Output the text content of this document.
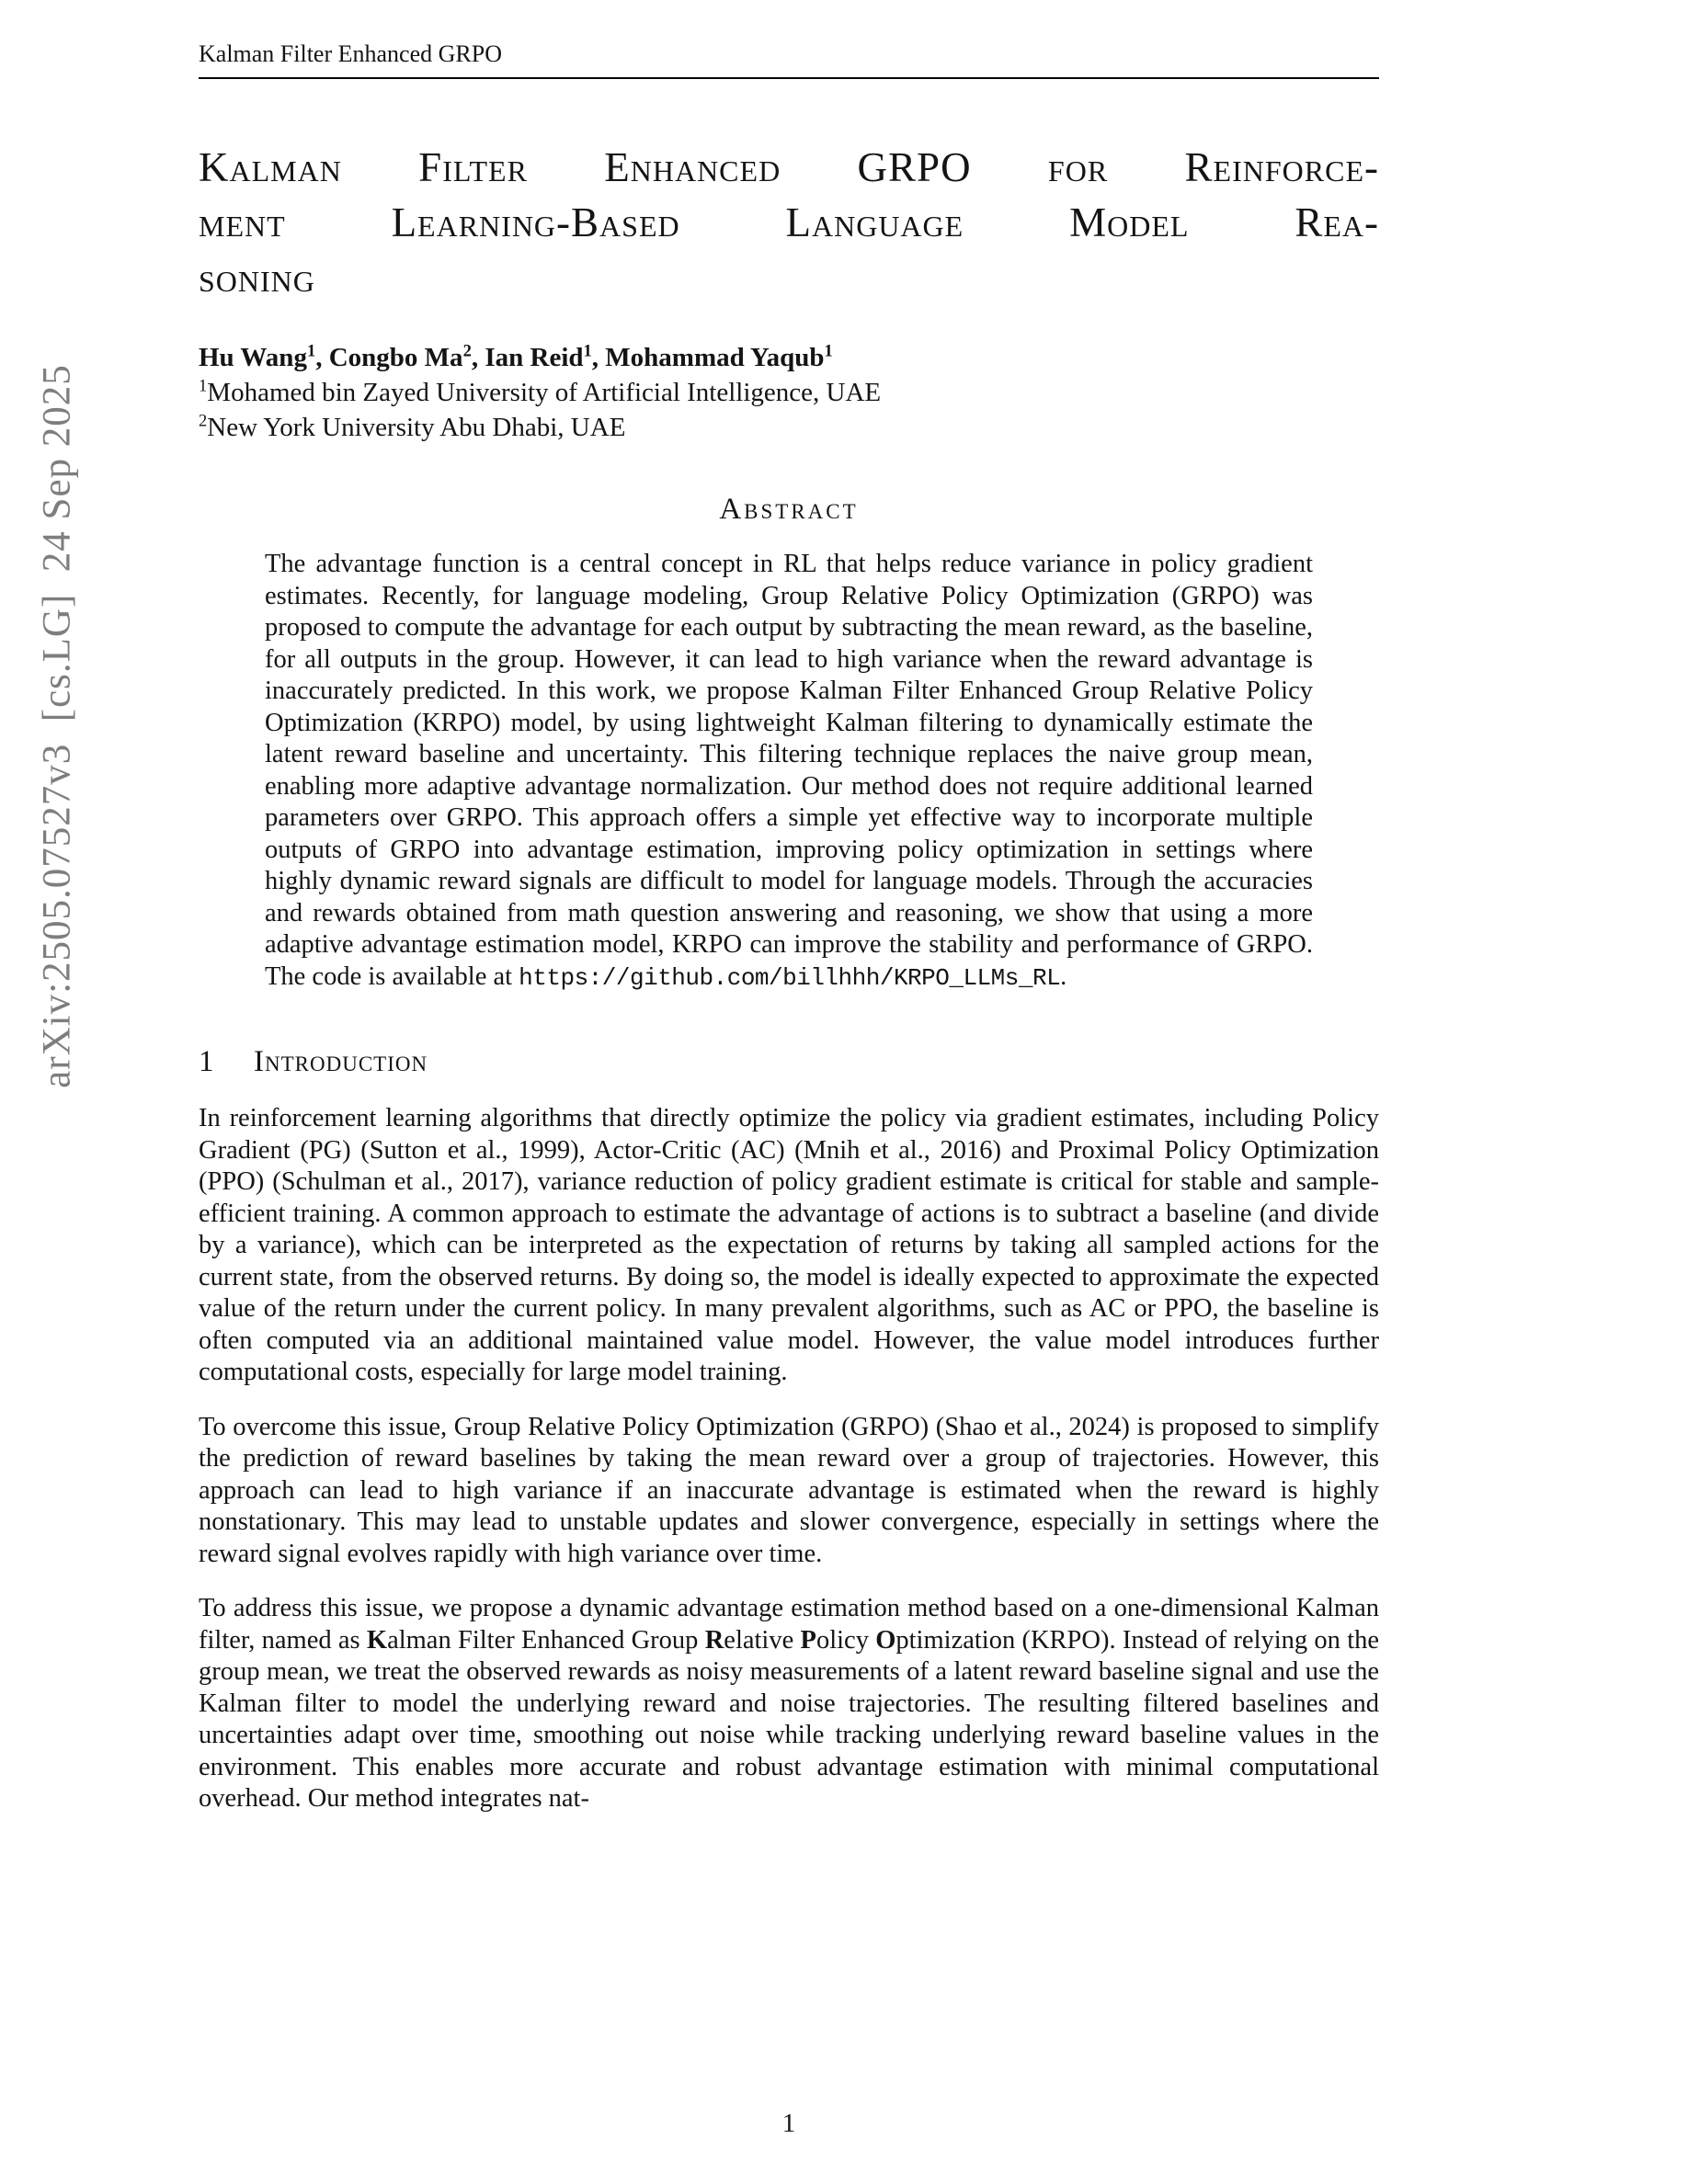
arXiv:2505.07527v3  [cs.LG]  24 Sep 2025
Kalman Filter Enhanced GRPO
Kalman Filter Enhanced GRPO for Reinforce-
ment Learning-Based Language Model Rea-
soning

Hu Wang$^1$, Congbo Ma$^2$, Ian Reid$^1$, Mohammad Yaqub$^1$

$^1$Mohamed bin Zayed University of Artificial Intelligence, UAE

$^2$New York University Abu Dhabi, UAE

Abstract
The advantage function is a central concept in RL that helps reduce variance in policy gradient estimates. Recently, for language modeling, Group Relative Policy Optimization (GRPO) was proposed to compute the advantage for each output by subtracting the mean reward, as the baseline, for all outputs in the group. However, it can lead to high variance when the reward advantage is inaccurately predicted. In this work, we propose Kalman Filter Enhanced Group Relative Policy Optimization (KRPO) model, by using lightweight Kalman filtering to dynamically estimate the latent reward baseline and uncertainty. This filtering technique replaces the naive group mean, enabling more adaptive advantage normalization. Our method does not require additional learned parameters over GRPO. This approach offers a simple yet effective way to incorporate multiple outputs of GRPO into advantage estimation, improving policy optimization in settings where highly dynamic reward signals are difficult to model for language models. Through the accuracies and rewards obtained from math question answering and reasoning, we show that using a more adaptive advantage estimation model, KRPO can improve the stability and performance of GRPO. The code is available at https://github.com/billhhh/KRPO_LLMs_RL.
1 Introduction

In reinforcement learning algorithms that directly optimize the policy via gradient estimates, including Policy Gradient (PG) (Sutton et al., 1999), Actor-Critic (AC) (Mnih et al., 2016) and Proximal Policy Optimization (PPO) (Schulman et al., 2017), variance reduction of policy gradient estimate is critical for stable and sample-efficient training. A common approach to estimate the advantage of actions is to subtract a baseline (and divide by a variance), which can be interpreted as the expectation of returns by taking all sampled actions for the current state, from the observed returns. By doing so, the model is ideally expected to approximate the expected value of the return under the current policy. In many prevalent algorithms, such as AC or PPO, the baseline is often computed via an additional maintained value model. However, the value model introduces further computational costs, especially for large model training.

To overcome this issue, Group Relative Policy Optimization (GRPO) (Shao et al., 2024) is proposed to simplify the prediction of reward baselines by taking the mean reward over a group of trajectories. However, this approach can lead to high variance if an inaccurate advantage is estimated when the reward is highly nonstationary. This may lead to unstable updates and slower convergence, especially in settings where the reward signal evolves rapidly with high variance over time.

To address this issue, we propose a dynamic advantage estimation method based on a one-dimensional Kalman filter, named as Kalman Filter Enhanced Group Relative Policy Optimization (KRPO). Instead of relying on the group mean, we treat the observed rewards as noisy measurements of a latent reward baseline signal and use the Kalman filter to model the underlying reward and noise trajectories. The resulting filtered baselines and uncertainties adapt over time, smoothing out noise while tracking underlying reward baseline values in the environment. This enables more accurate and robust advantage estimation with minimal computational overhead. Our method integrates nat-

1
